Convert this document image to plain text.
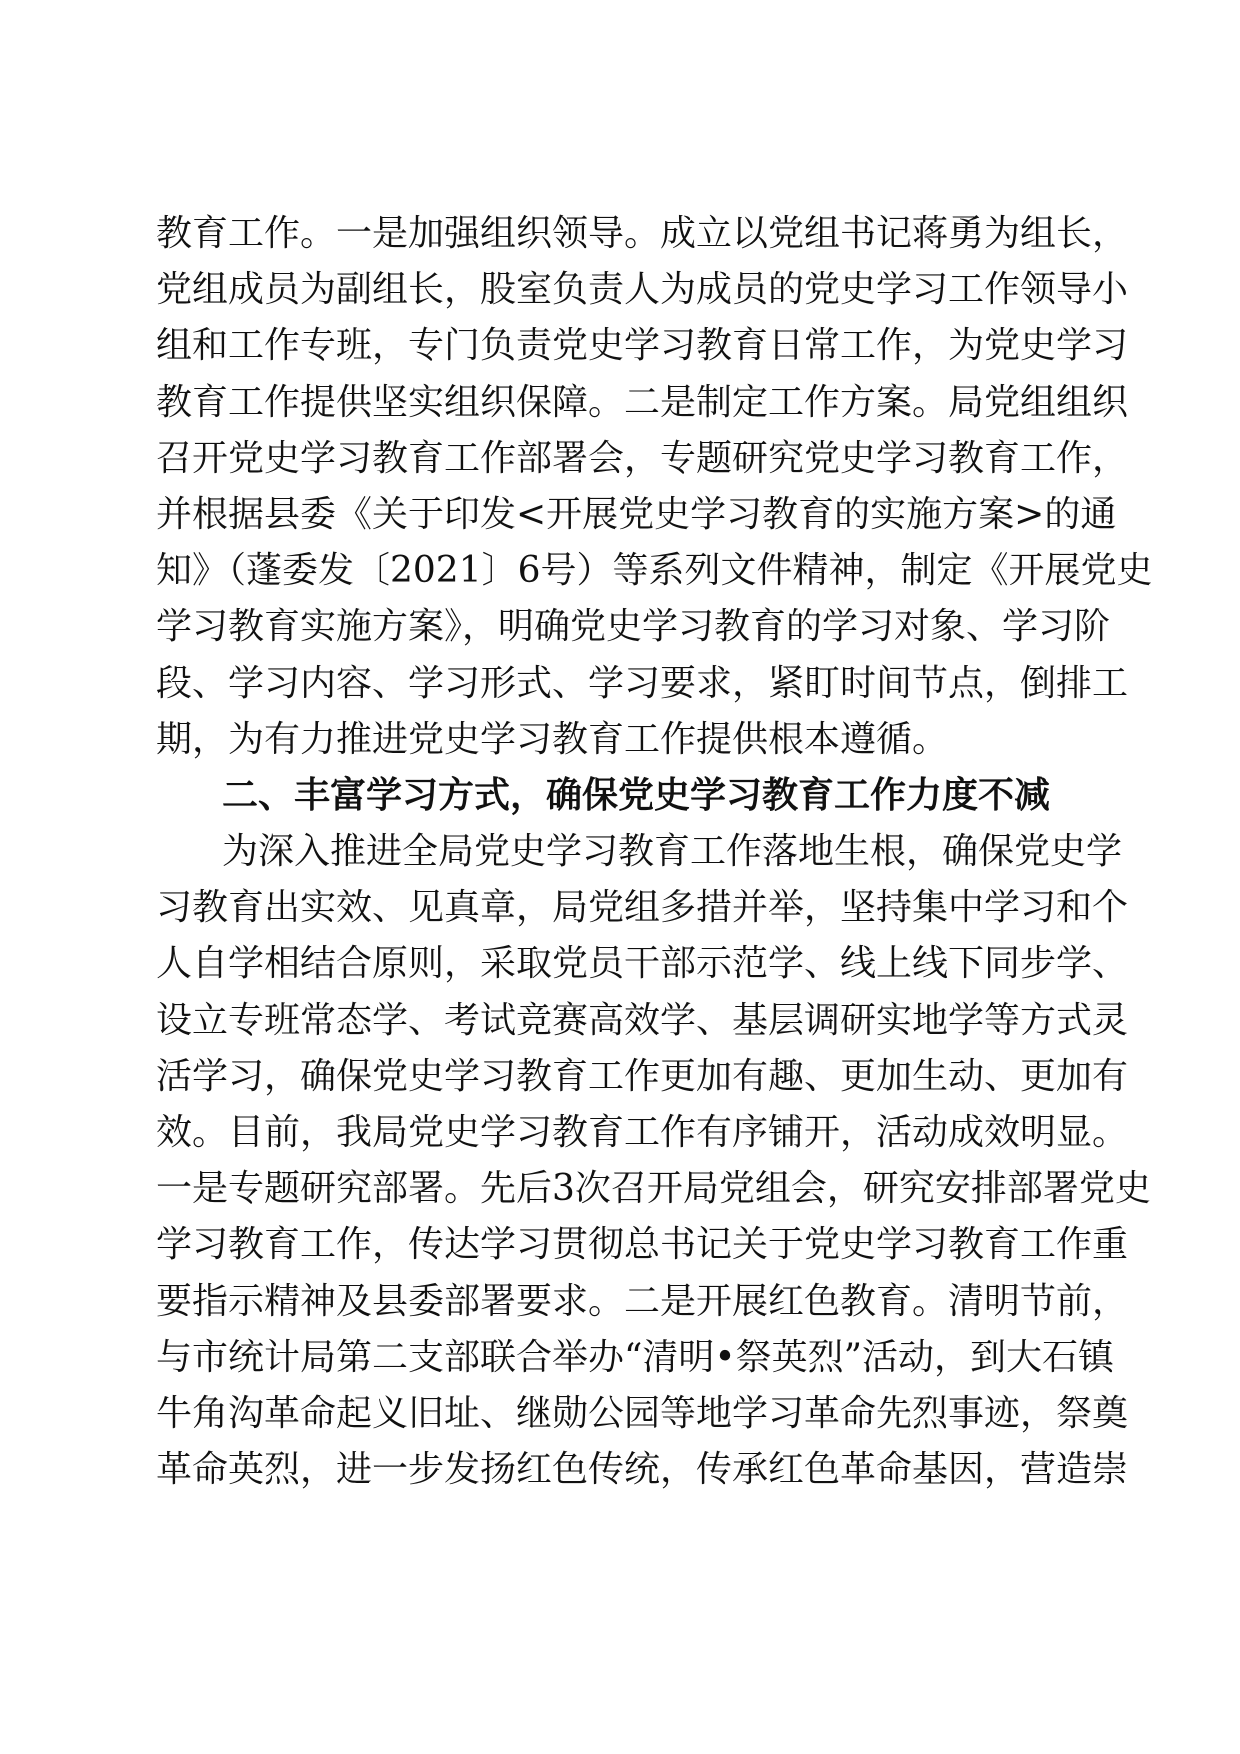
教育工作。一是加强组织领导。成立以党组书记蒋勇为组长，
党组成员为副组长，股室负责人为成员的党史学习工作领导小
组和工作专班，专门负责党史学习教育日常工作，为党史学习
教育工作提供坚实组织保障。二是制定工作方案。局党组组织
召开党史学习教育工作部署会，专题研究党史学习教育工作，
并根据县委《关于印发<开展党史学习教育的实施方案>的通
知》（蓬委发〔2021〕6号）等系列文件精神，制定《开展党史
学习教育实施方案》，明确党史学习教育的学习对象、学习阶
段、学习内容、学习形式、学习要求，紧盯时间节点，倒排工
期，为有力推进党史学习教育工作提供根本遵循。
二、丰富学习方式，确保党史学习教育工作力度不减
为深入推进全局党史学习教育工作落地生根，确保党史学
习教育出实效、见真章，局党组多措并举，坚持集中学习和个
人自学相结合原则，采取党员干部示范学、线上线下同步学、
设立专班常态学、考试竞赛高效学、基层调研实地学等方式灵
活学习，确保党史学习教育工作更加有趣、更加生动、更加有
效。目前，我局党史学习教育工作有序铺开，活动成效明显。
一是专题研究部署。先后3次召开局党组会，研究安排部署党史
学习教育工作，传达学习贯彻总书记关于党史学习教育工作重
要指示精神及县委部署要求。二是开展红色教育。清明节前，
与市统计局第二支部联合举办“清明•祭英烈”活动，到大石镇
牛角沟革命起义旧址、继勋公园等地学习革命先烈事迹，祭奠
革命英烈，进一步发扬红色传统，传承红色革命基因，营造崇
